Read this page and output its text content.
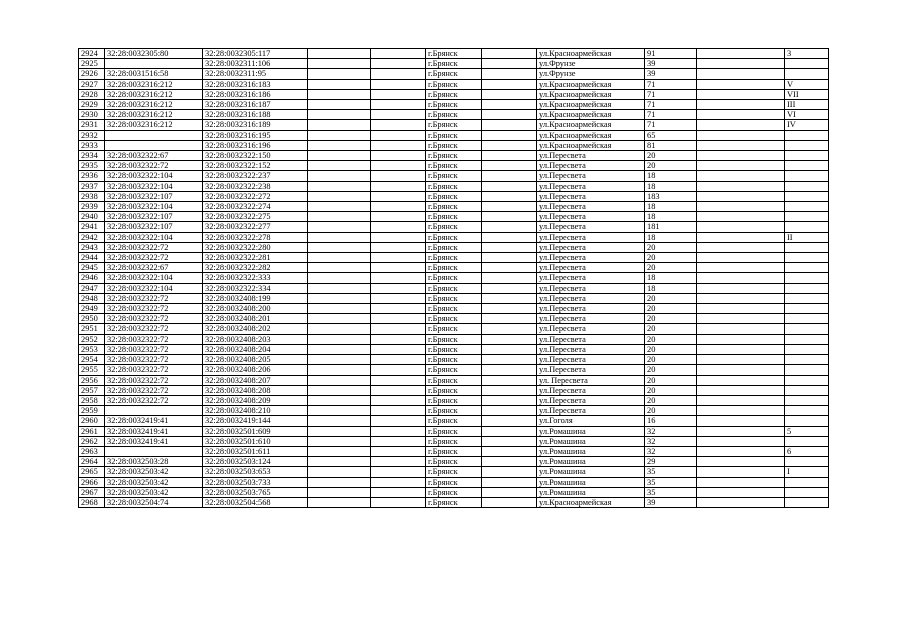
2924	32:28:0032305:80	32:28:0032305:117			г.Брянск		ул.Красноармейская	91		3
2925		32:28:0032311:106			г.Брянск		ул.Фрунзе	39		
2926	32:28:0031516:58	32:28:0032311:95			г.Брянск		ул.Фрунзе	39		
2927	32:28:0032316:212	32:28:0032316:183			г.Брянск		ул.Красноармейская	71		V
2928	32:28:0032316:212	32:28:0032316:186			г.Брянск		ул.Красноармейская	71		VII
2929	32:28:0032316:212	32:28:0032316:187			г.Брянск		ул.Красноармейская	71		III
2930	32:28:0032316:212	32:28:0032316:188			г.Брянск		ул.Красноармейская	71		VI
2931	32:28:0032316:212	32:28:0032316:189			г.Брянск		ул.Красноармейская	71		IV
2932		32:28:0032316:195			г.Брянск		ул.Красноармейская	65		
2933		32:28:0032316:196			г.Брянск		ул.Красноармейская	81		
2934	32:28:0032322:67	32:28:0032322:150			г.Брянск		ул.Пересвета	20		
2935	32:28:0032322:72	32:28:0032322:152			г.Брянск		ул.Пересвета	20		
2936	32:28:0032322:104	32:28:0032322:237			г.Брянск		ул.Пересвета	18		
2937	32:28:0032322:104	32:28:0032322:238			г.Брянск		ул.Пересвета	18		
2938	32:28:0032322:107	32:28:0032322:272			г.Брянск		ул.Пересвета	183		
2939	32:28:0032322:104	32:28:0032322:274			г.Брянск		ул.Пересвета	18		
2940	32:28:0032322:107	32:28:0032322:275			г.Брянск		ул.Пересвета	18		
2941	32:28:0032322:107	32:28:0032322:277			г.Брянск		ул.Пересвета	181		
2942	32:28:0032322:104	32:28:0032322:278			г.Брянск		ул.Пересвета	18		II
2943	32:28:0032322:72	32:28:0032322:280			г.Брянск		ул.Пересвета	20		
2944	32:28:0032322:72	32:28:0032322:281			г.Брянск		ул.Пересвета	20		
2945	32:28:0032322:67	32:28:0032322:282			г.Брянск		ул.Пересвета	20		
2946	32:28:0032322:104	32:28:0032322:333			г.Брянск		ул.Пересвета	18		
2947	32:28:0032322:104	32:28:0032322:334			г.Брянск		ул.Пересвета	18		
2948	32:28:0032322:72	32:28:0032408:199			г.Брянск		ул.Пересвета	20		
2949	32:28:0032322:72	32:28:0032408:200			г.Брянск		ул.Пересвета	20		
2950	32:28:0032322:72	32:28:0032408:201			г.Брянск		ул.Пересвета	20		
2951	32:28:0032322:72	32:28:0032408:202			г.Брянск		ул.Пересвета	20		
2952	32:28:0032322:72	32:28:0032408:203			г.Брянск		ул.Пересвета	20		
2953	32:28:0032322:72	32:28:0032408:204			г.Брянск		ул.Пересвета	20		
2954	32:28:0032322:72	32:28:0032408:205			г.Брянск		ул.Пересвета	20		
2955	32:28:0032322:72	32:28:0032408:206			г.Брянск		ул.Пересвета	20		
2956	32:28:0032322:72	32:28:0032408:207			г.Брянск		ул. Пересвета	20		
2957	32:28:0032322:72	32:28:0032408:208			г.Брянск		ул.Пересвета	20		
2958	32:28:0032322:72	32:28:0032408:209			г.Брянск		ул.Пересвета	20		
2959		32:28:0032408:210			г.Брянск		ул.Пересвета	20		
2960	32:28:0032419:41	32:28:0032419:144			г.Брянск		ул.Гоголя	16		
2961	32:28:0032419:41	32:28:0032501:609			г.Брянск		ул.Ромашина	32		5
2962	32:28:0032419:41	32:28:0032501:610			г.Брянск		ул.Ромашина	32		
2963		32:28:0032501:611			г.Брянск		ул.Ромашина	32		6
2964	32:28:0032503:28	32:28:0032503:124			г.Брянск		ул.Ромашина	29		
2965	32:28:0032503:42	32:28:0032503:653			г.Брянск		ул.Ромашина	35		I
2966	32:28:0032503:42	32:28:0032503:733			г.Брянск		ул.Ромашина	35		
2967	32:28:0032503:42	32:28:0032503:765			г.Брянск		ул.Ромашина	35		
2968	32:28:0032504:74	32:28:0032504:568			г.Брянск		ул.Красноармейская	39		
